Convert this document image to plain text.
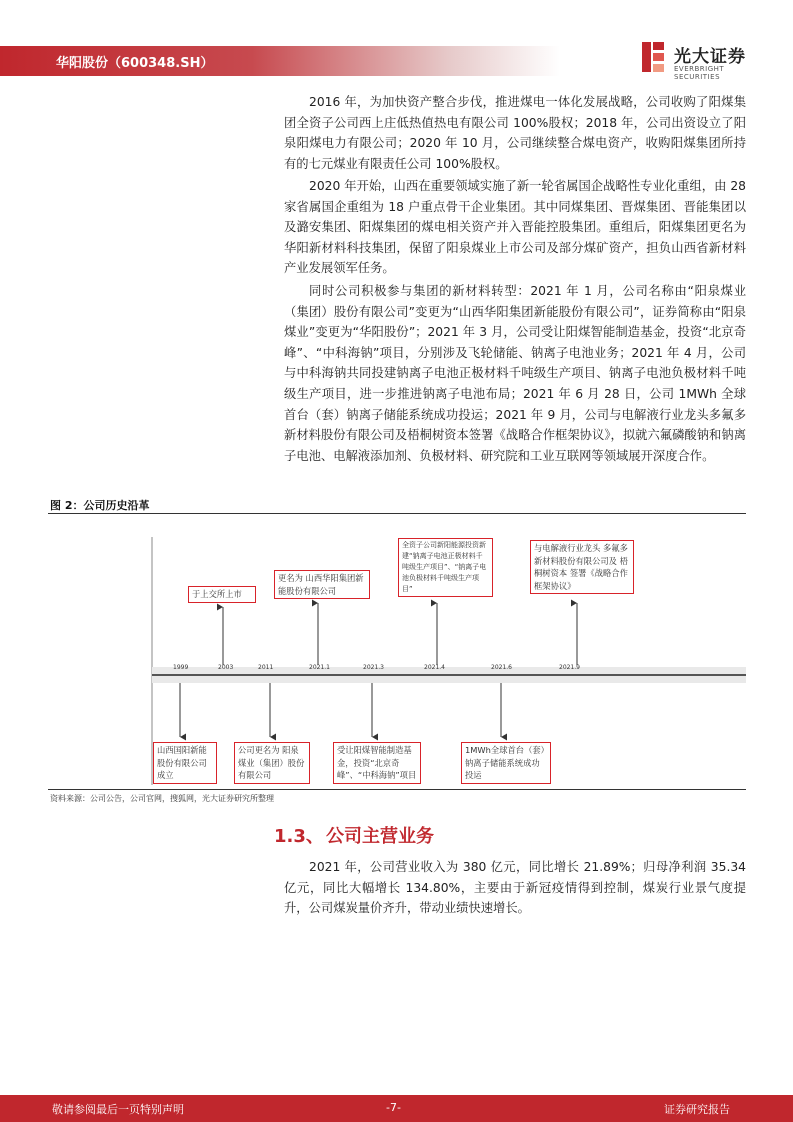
华阳股份（600348.SH）	光大证券
EVERBRIGHT SECURITIES

2016 年，为加快资产整合步伐，推进煤电一体化发展战略，公司收购了阳煤集团全资子公司西上庄低热值热电有限公司 100%股权；2018 年，公司出资设立了阳泉阳煤电力有限公司；2020 年 10 月，公司继续整合煤电资产，收购阳煤集团所持有的七元煤业有限责任公司 100%股权。

2020 年开始，山西在重要领域实施了新一轮省属国企战略性专业化重组，由 28 家省属国企重组为 18 户重点骨干企业集团。其中同煤集团、晋煤集团、晋能集团以及潞安集团、阳煤集团的煤电相关资产并入晋能控股集团。重组后，阳煤集团更名为华阳新材料科技集团，保留了阳泉煤业上市公司及部分煤矿资产，担负山西省新材料产业发展领军任务。

同时公司积极参与集团的新材料转型：2021 年 1 月，公司名称由“阳泉煤业（集团）股份有限公司”变更为“山西华阳集团新能股份有限公司”，证券简称由“阳泉煤业”变更为“华阳股份”；2021 年 3 月，公司受让阳煤智能制造基金，投资“北京奇峰”、“中科海钠”项目，分别涉及飞轮储能、钠离子电池业务；2021 年 4 月，公司与中科海钠共同投建钠离子电池正极材料千吨级生产项目、钠离子电池负极材料千吨级生产项目，进一步推进钠离子电池布局；2021 年 6 月 28 日，公司 1MWh 全球首台（套）钠离子储能系统成功投运；2021 年 9 月，公司与电解液行业龙头多氟多新材料股份有限公司及梧桐树资本签署《战略合作框架协议》，拟就六氟磷酸钠和钠离子电池、电解液添加剂、负极材料、研究院和工业互联网等领域展开深度合作。

图 2：公司历史沿革
1999	2003	2011	2021.1	2021.3	2021.4	2021.6	2021.9
于上交所上市
更名为 山西华阳集团新能股份有限公司
全资子公司新阳能源投资新建“钠离子电池正极材料千吨级生产项目”、“钠离子电池负极材料千吨级生产项目”
与电解液行业龙头 多氟多新材料股份有限公司及 梧桐树资本 签署《战略合作框架协议》
山西国阳新能股份有限公司成立
公司更名为 阳泉煤业（集团）股份有限公司
受让阳煤智能制造基金，投资“北京奇峰”、“中科海钠”项目
1MWh全球首台（套）钠离子储能系统成功投运
资料来源：公司公告，公司官网，搜狐网，光大证券研究所整理
1.3、 公司主营业务

2021 年，公司营业收入为 380 亿元，同比增长 21.89%；归母净利润 35.34 亿元，同比大幅增长 134.80%，主要由于新冠疫情得到控制，煤炭行业景气度提升，公司煤炭量价齐升，带动业绩快速增长。

敬请参阅最后一页特别声明	-7-	证券研究报告
